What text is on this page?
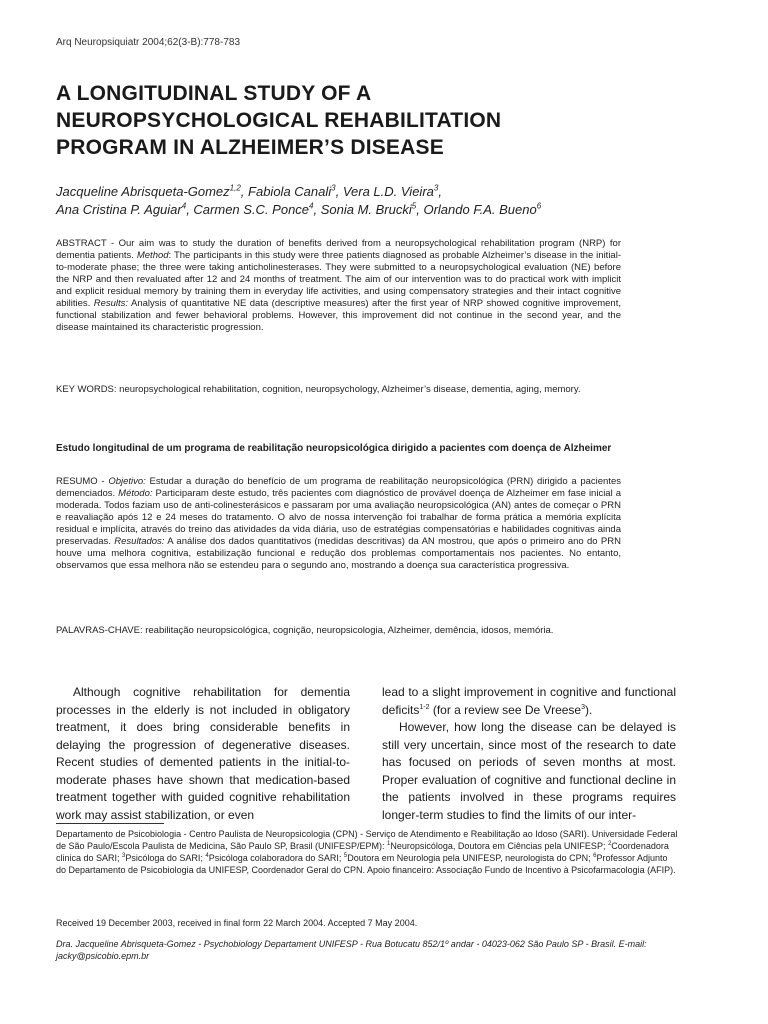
Arq Neuropsiquiatr 2004;62(3-B):778-783
A LONGITUDINAL STUDY OF A
NEUROPSYCHOLOGICAL REHABILITATION
PROGRAM IN ALZHEIMER’S DISEASE
Jacqueline Abrisqueta-Gomez$^{1,2}$, Fabiola Canali$^3$, Vera L.D. Vieira$^3$,
Ana Cristina P. Aguiar$^4$, Carmen S.C. Ponce$^4$, Sonia M. Brucki$^5$, Orlando F.A. Bueno$^6$

ABSTRACT - Our aim was to study the duration of benefits derived from a neuropsychological rehabilitation program (NRP) for dementia patients. Method: The participants in this study were three patients diagnosed as probable Alzheimer’s disease in the initial-to-moderate phase; the three were taking anticholinesterases. They were submitted to a neuropsychological evaluation (NE) before the NRP and then revaluated after 12 and 24 months of treatment. The aim of our intervention was to do practical work with implicit and explicit residual memory by training them in everyday life activities, and using compensatory strategies and their intact cognitive abilities. Results: Analysis of quantitative NE data (descriptive measures) after the first year of NRP showed cognitive improvement, functional stabilization and fewer behavioral problems. However, this improvement did not continue in the second year, and the disease maintained its characteristic progression.

KEY WORDS: neuropsychological rehabilitation, cognition, neuropsychology, Alzheimer’s disease, dementia, aging, memory.

Estudo longitudinal de um programa de reabilitação neuropsicológica dirigido a pacientes com doença de Alzheimer

RESUMO - Objetivo: Estudar a duração do benefício de um programa de reabilitação neuropsicológica (PRN) dirigido a pacientes demenciados. Método: Participaram deste estudo, três pacientes com diagnóstico de provável doença de Alzheimer em fase inicial a moderada. Todos faziam uso de anti-colinesterásicos e passaram por uma avaliação neuropsicológica (AN) antes de começar o PRN e reavaliação após 12 e 24 meses do tratamento. O alvo de nossa intervenção foi trabalhar de forma prática a memória explícita residual e implícita, através do treino das atividades da vida diária, uso de estratégias compensatórias e habilidades cognitivas ainda preservadas. Resultados: A análise dos dados quantitativos (medidas descritivas) da AN mostrou, que após o primeiro ano do PRN houve uma melhora cognitiva, estabilização funcional e redução dos problemas comportamentais nos pacientes. No entanto, observamos que essa melhora não se estendeu para o segundo ano, mostrando a doença sua característica progressiva.

PALAVRAS-CHAVE: reabilitação neuropsicológica, cognição, neuropsicologia, Alzheimer, demência, idosos, memória.

Although cognitive rehabilitation for dementia processes in the elderly is not included in obligatory treatment, it does bring considerable benefits in delaying the progression of degenerative diseases. Recent studies of demented patients in the initial-to-moderate phases have shown that medication-based treatment together with guided cognitive rehabilitation work may assist stabilization, or even

lead to a slight improvement in cognitive and functional deficits$^{1-2}$ (for a review see De Vreese$^3$).

However, how long the disease can be delayed is still very uncertain, since most of the research to date has focused on periods of seven months at most. Proper evaluation of cognitive and functional decline in the patients involved in these programs requires longer-term studies to find the limits of our inter-

Departamento de Psicobiologia - Centro Paulista de Neuropsicologia (CPN) - Serviço de Atendimento e Reabilitação ao Idoso (SARI). Universidade Federal de São Paulo/Escola Paulista de Medicina, São Paulo SP, Brasil (UNIFESP/EPM): $^1$Neuropsicóloga, Doutora em Ciências pela UNIFESP; $^2$Coordenadora clinica do SARI; $^3$Psicóloga do SARI; $^4$Psicóloga colaboradora do SARI; $^5$Doutora em Neurologia pela UNIFESP, neurologista do CPN; $^6$Professor Adjunto do Departamento de Psicobiologia da UNIFESP, Coordenador Geral do CPN. Apoio financeiro: Associação Fundo de Incentivo à Psicofarmacologia (AFIP).
Received 19 December 2003, received in final form 22 March 2004. Accepted 7 May 2004.
Dra. Jacqueline Abrisqueta-Gomez - Psychobiology Departament UNIFESP - Rua Botucatu 852/1º andar - 04023-062 São Paulo SP - Brasil. E-mail: jacky@psicobio.epm.br
